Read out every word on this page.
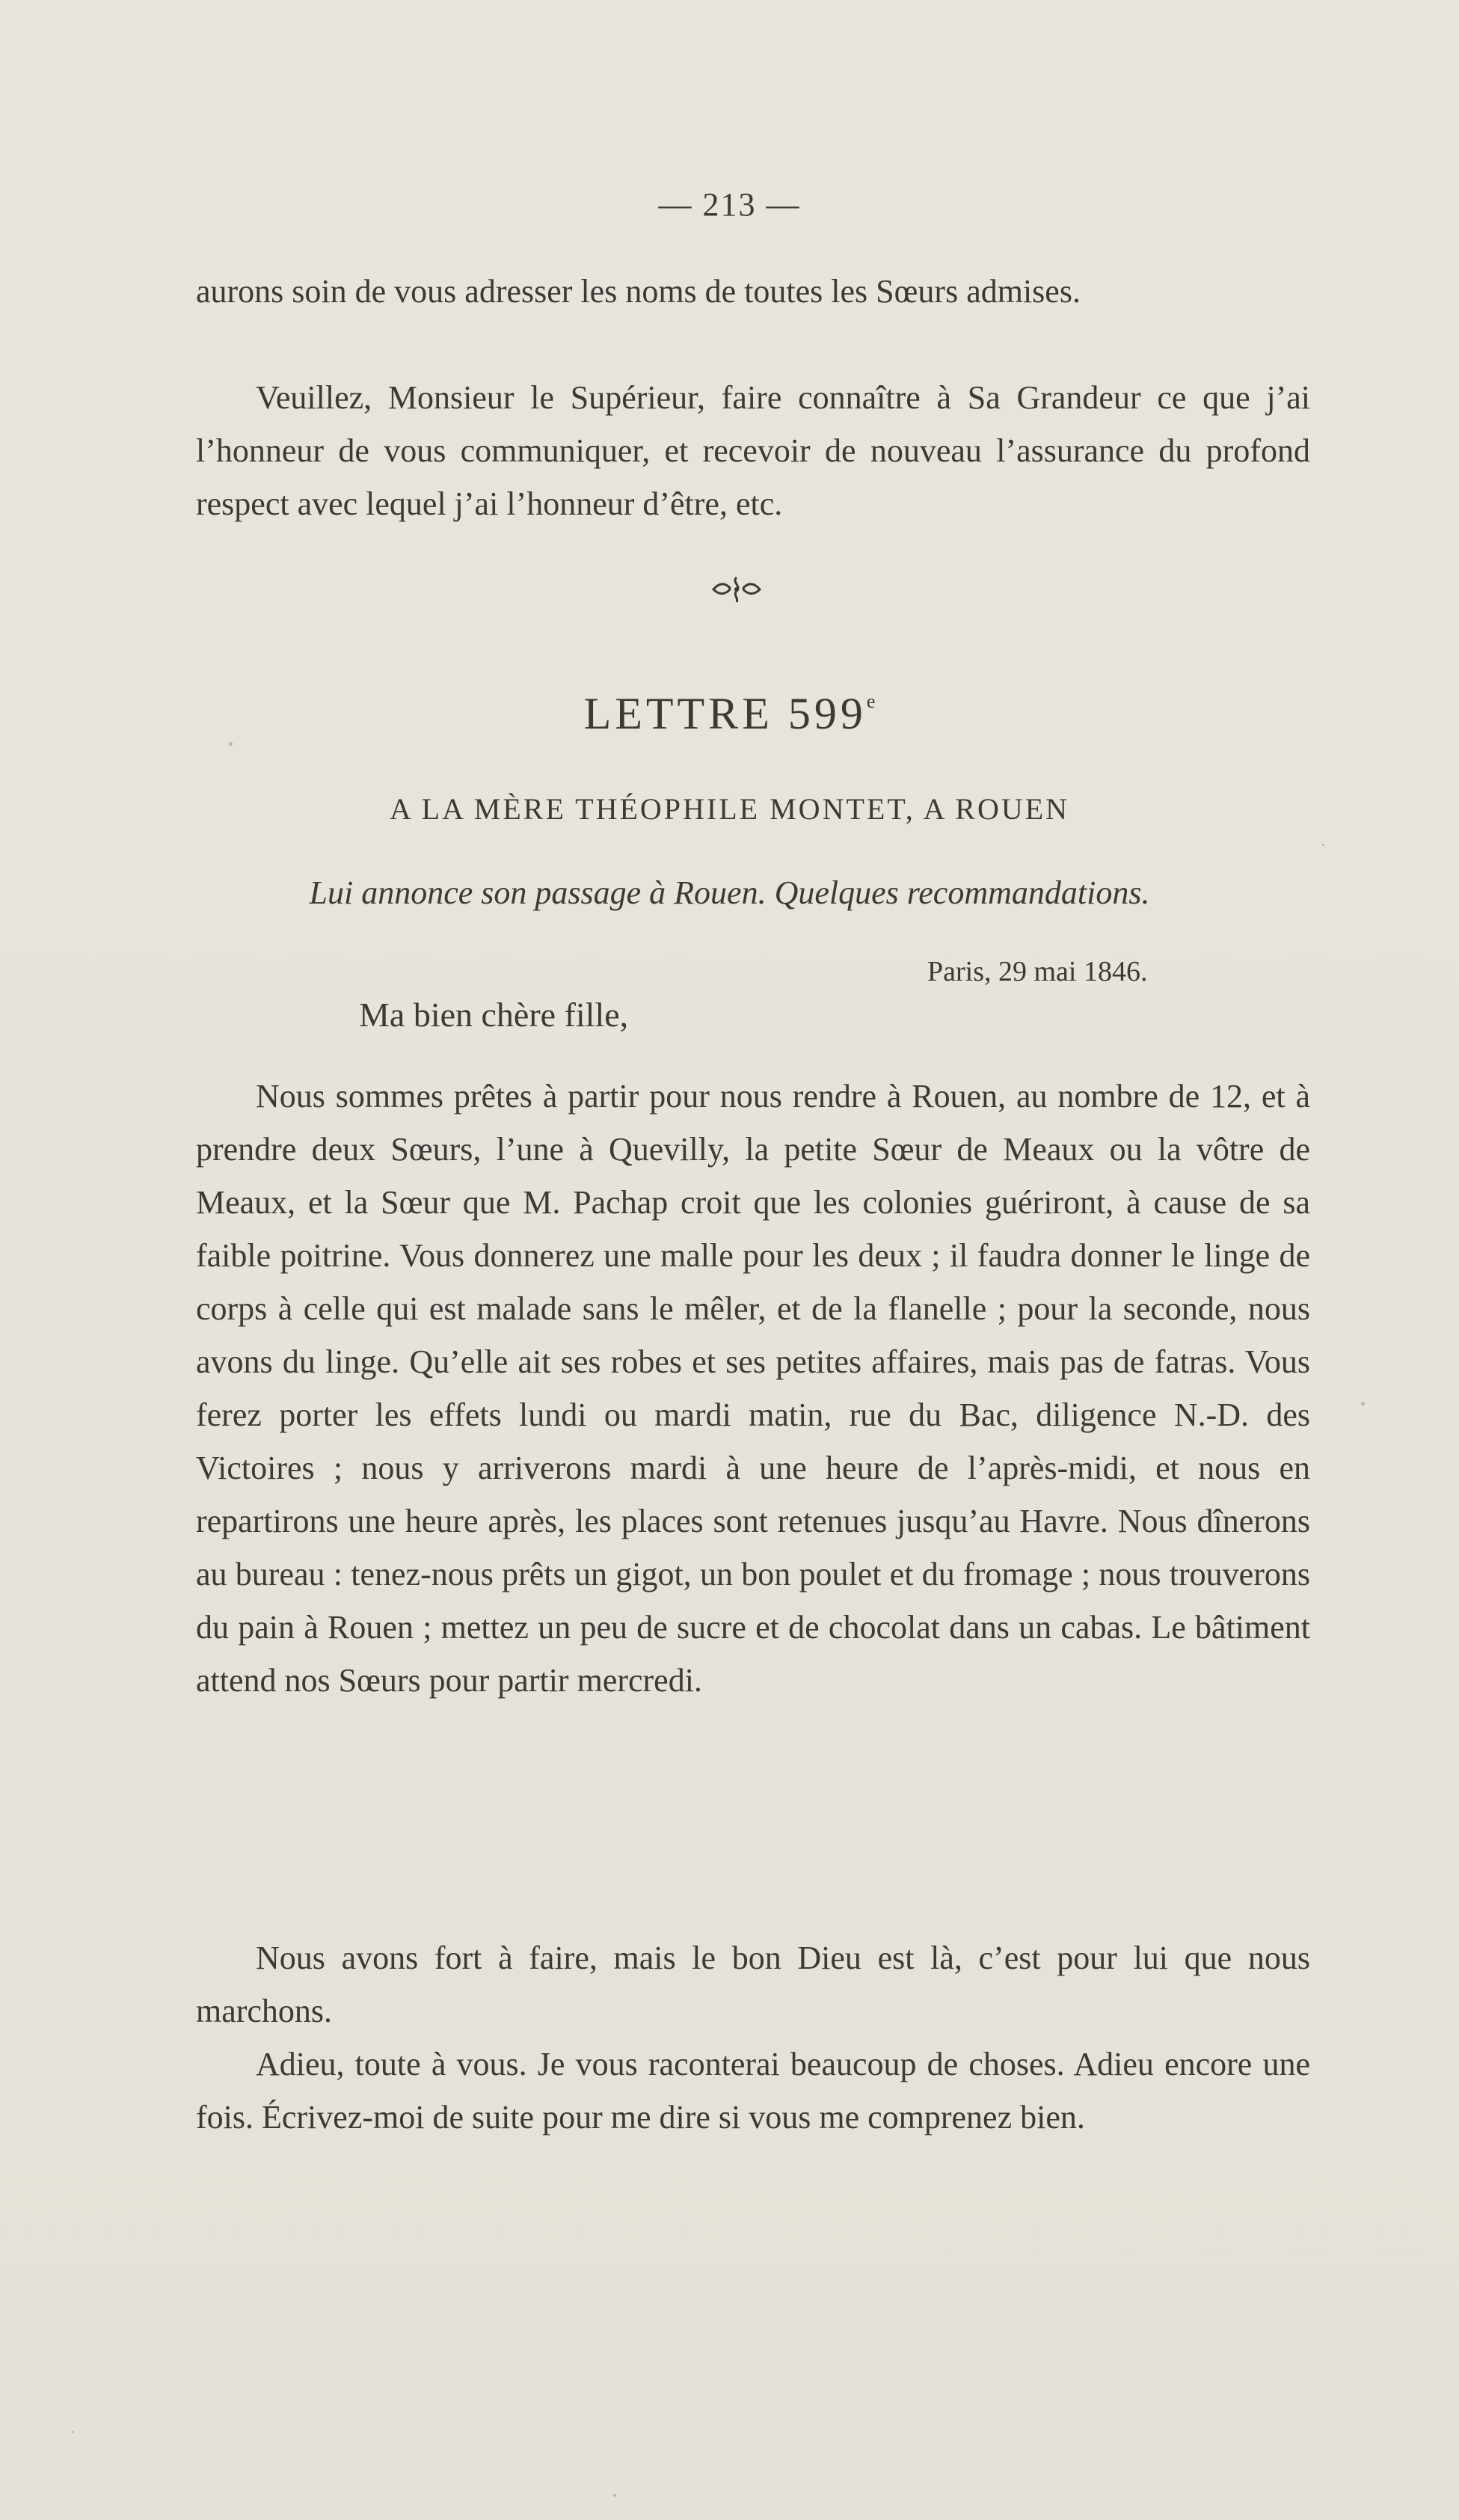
— 213 —

aurons soin de vous adresser les noms de toutes les Sœurs admises.

Veuillez, Monsieur le Supérieur, faire connaître à Sa Grandeur ce que j’ai l’honneur de vous communiquer, et recevoir de nouveau l’assurance du profond respect avec lequel j’ai l’honneur d’être, etc.

LETTRE 599e
A LA MÈRE THÉOPHILE MONTET, A ROUEN
Lui annonce son passage à Rouen. Quelques recommandations.
Paris, 29 mai 1846.
Ma bien chère fille,

Nous sommes prêtes à partir pour nous rendre à Rouen, au nombre de 12, et à prendre deux Sœurs, l’une à Quevilly, la petite Sœur de Meaux ou la vôtre de Meaux, et la Sœur que M. Pachap croit que les colonies guériront, à cause de sa faible poitrine. Vous donnerez une malle pour les deux ; il faudra donner le linge de corps à celle qui est malade sans le mêler, et de la flanelle ; pour la seconde, nous avons du linge. Qu’elle ait ses robes et ses petites affaires, mais pas de fatras. Vous ferez porter les effets lundi ou mardi matin, rue du Bac, diligence N.-D. des Victoires ; nous y arriverons mardi à une heure de l’après-midi, et nous en repartirons une heure après, les places sont retenues jusqu’au Havre. Nous dînerons au bureau : tenez-nous prêts un gigot, un bon poulet et du fromage ; nous trouverons du pain à Rouen ; mettez un peu de sucre et de chocolat dans un cabas. Le bâtiment attend nos Sœurs pour partir mercredi.

Nous avons fort à faire, mais le bon Dieu est là, c’est pour lui que nous marchons.

Adieu, toute à vous. Je vous raconterai beaucoup de choses. Adieu encore une fois. Écrivez-moi de suite pour me dire si vous me comprenez bien.
